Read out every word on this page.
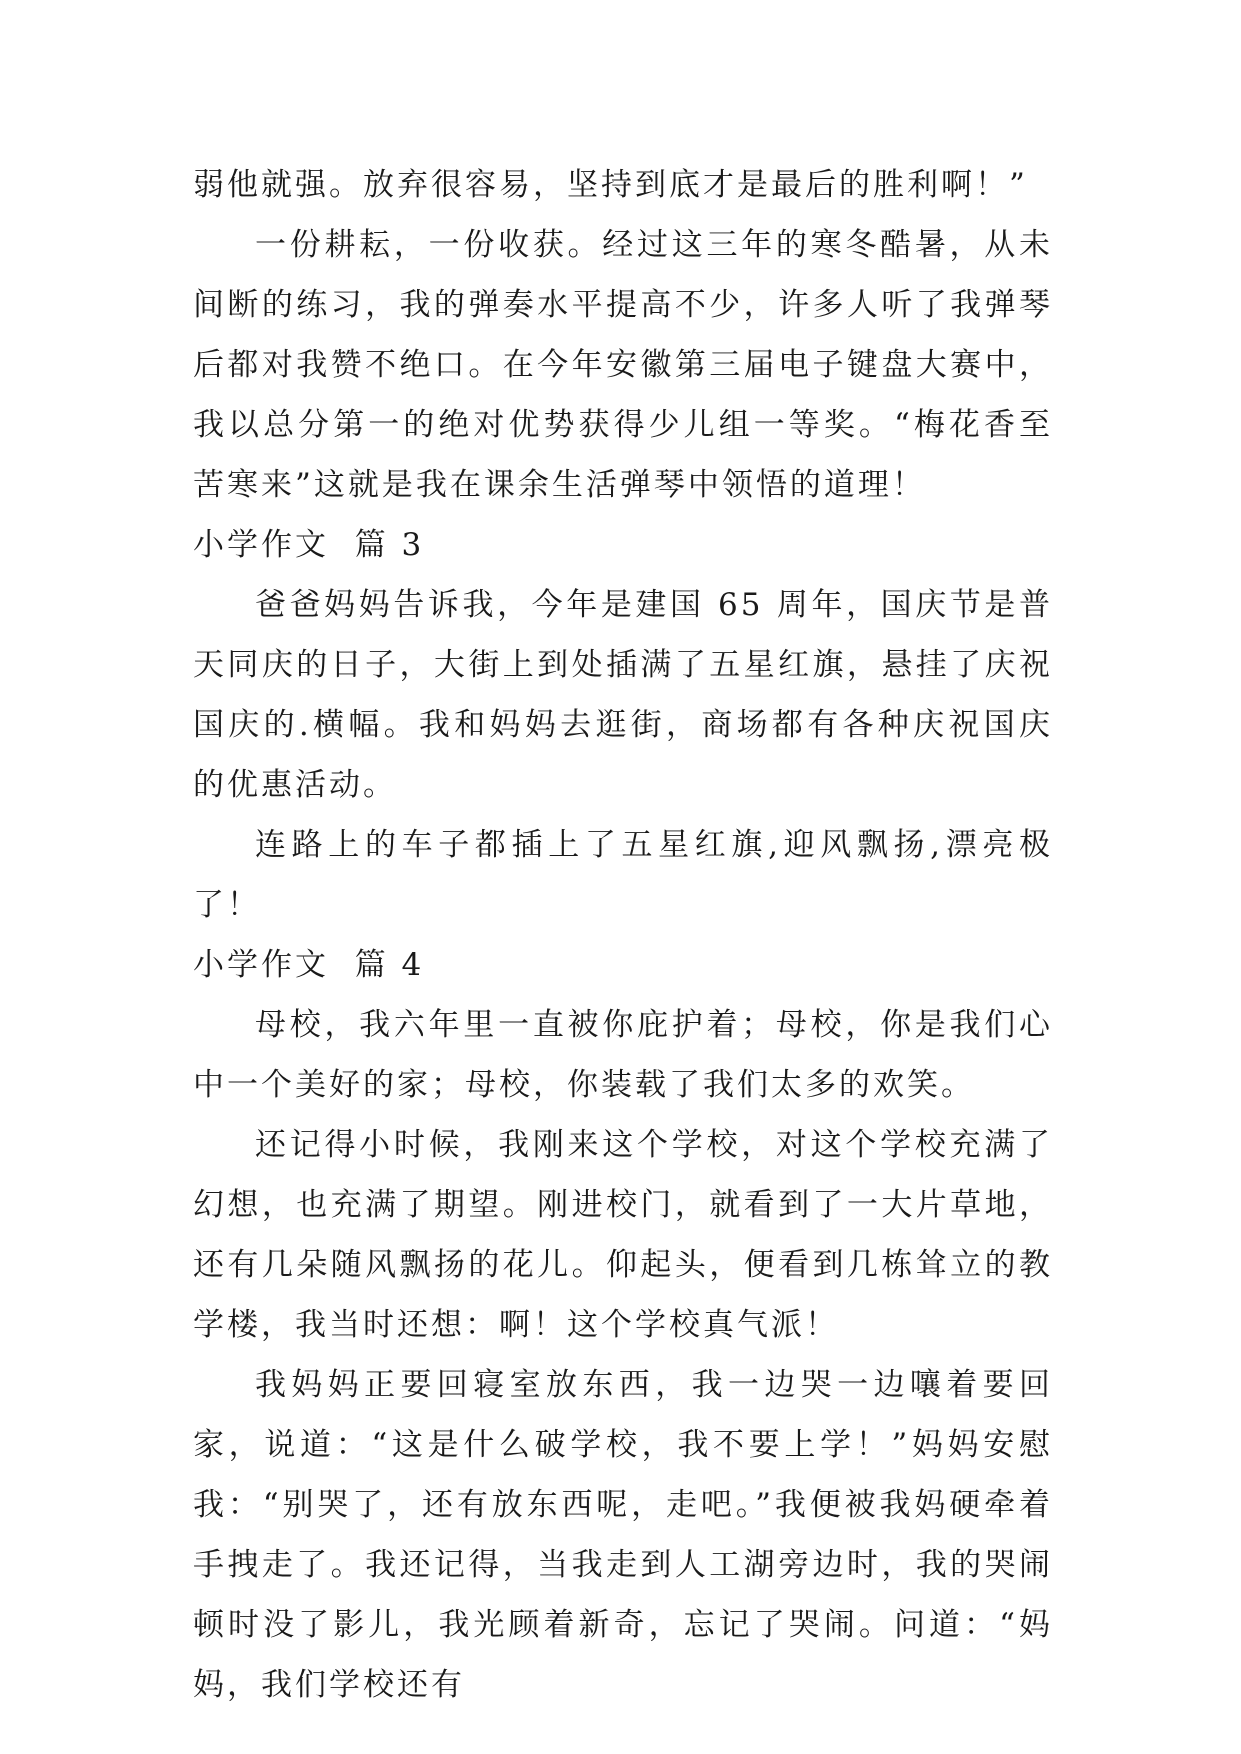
弱他就强。放弃很容易，坚持到底才是最后的胜利啊！”

一份耕耘，一份收获。经过这三年的寒冬酷暑，从未间断的练习，我的弹奏水平提高不少，许多人听了我弹琴后都对我赞不绝口。在今年安徽第三届电子键盘大赛中，我以总分第一的绝对优势获得少儿组一等奖。“梅花香至苦寒来”这就是我在课余生活弹琴中领悟的道理！

小学作文  篇 3

爸爸妈妈告诉我，今年是建国 65 周年，国庆节是普天同庆的日子，大街上到处插满了五星红旗，悬挂了庆祝国庆的.横幅。我和妈妈去逛街，商场都有各种庆祝国庆的优惠活动。

连路上的车子都插上了五星红旗,迎风飘扬,漂亮极了！

小学作文  篇 4

母校，我六年里一直被你庇护着；母校，你是我们心中一个美好的家；母校，你装载了我们太多的欢笑。

还记得小时候，我刚来这个学校，对这个学校充满了幻想，也充满了期望。刚进校门，就看到了一大片草地，还有几朵随风飘扬的花儿。仰起头，便看到几栋耸立的教学楼，我当时还想：啊！这个学校真气派！

我妈妈正要回寝室放东西，我一边哭一边嚷着要回家，说道：“这是什么破学校，我不要上学！”妈妈安慰我：“别哭了，还有放东西呢，走吧。”我便被我妈硬牵着手拽走了。我还记得，当我走到人工湖旁边时，我的哭闹顿时没了影儿，我光顾着新奇，忘记了哭闹。问道：“妈妈，我们学校还有
